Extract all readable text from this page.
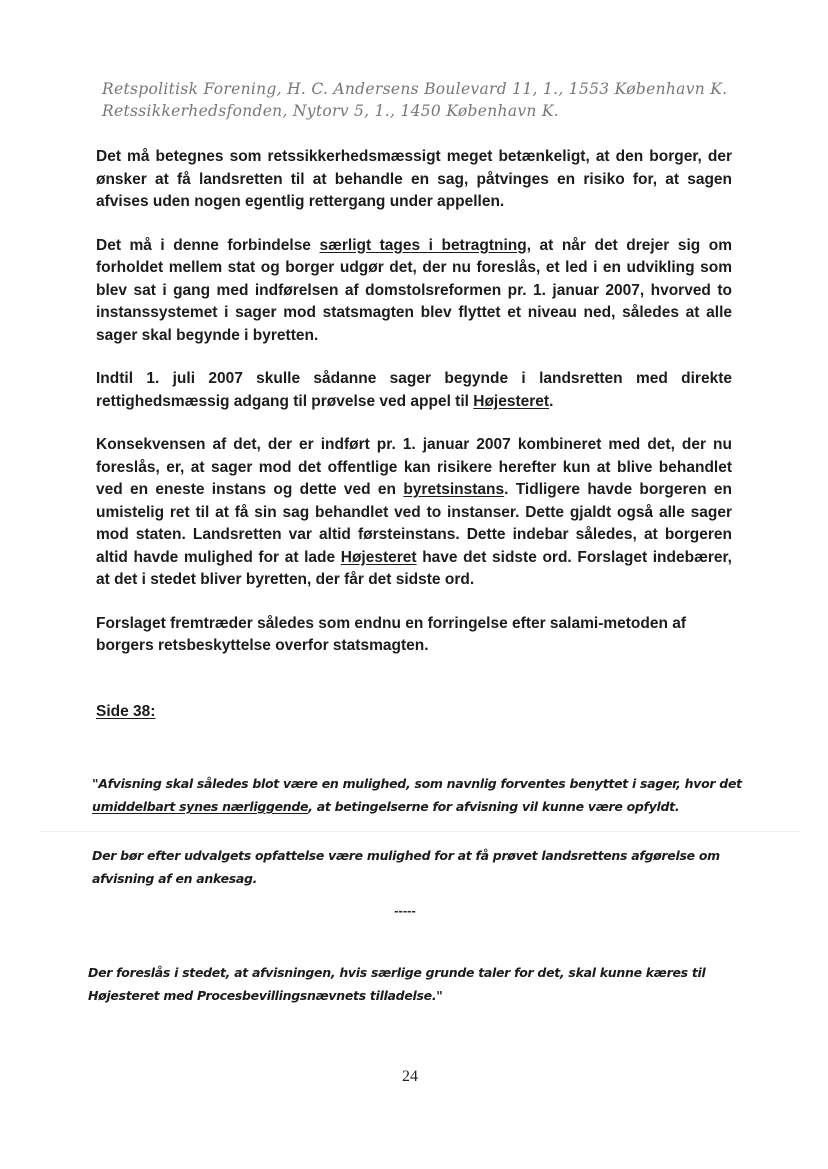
Retspolitisk Forening, H. C. Andersens Boulevard 11, 1., 1553 København K.
Retssikkerhedsfonden, Nytorv 5, 1., 1450 København K.

Det må betegnes som retssikkerhedsmæssigt meget betænkeligt, at den borger, der ønsker at få landsretten til at behandle en sag, påtvinges en risiko for, at sagen afvises uden nogen egentlig rettergang under appellen.

Det må i denne forbindelse særligt tages i betragtning, at når det drejer sig om forholdet mellem stat og borger udgør det, der nu foreslås, et led i en udvikling som blev sat i gang med indførelsen af domstolsreformen pr. 1. januar 2007, hvorved to instanssystemet i sager mod statsmagten blev flyttet et niveau ned, således at alle sager skal begynde i byretten.

Indtil 1. juli 2007 skulle sådanne sager begynde i landsretten med direkte rettighedsmæssig adgang til prøvelse ved appel til Højesteret.

Konsekvensen af det, der er indført pr. 1. januar 2007 kombineret med det, der nu foreslås, er, at sager mod det offentlige kan risikere herefter kun at blive behandlet ved en eneste instans og dette ved en byretsinstans. Tidligere havde borgeren en umistelig ret til at få sin sag behandlet ved to instanser. Dette gjaldt også alle sager mod staten. Landsretten var altid førsteinstans. Dette indebar således, at borgeren altid havde mulighed for at lade Højesteret have det sidste ord. Forslaget indebærer, at det i stedet bliver byretten, der får det sidste ord.

Forslaget fremtræder således som endnu en forringelse efter salami-metoden af borgers retsbeskyttelse overfor statsmagten.

Side 38:
"Afvisning skal således blot være en mulighed, som navnlig forventes benyttet i sager, hvor det umiddelbart synes nærliggende, at betingelserne for afvisning vil kunne være opfyldt.
Der bør efter udvalgets opfattelse være mulighed for at få prøvet landsrettens afgørelse om afvisning af en ankesag.
-----
Der foreslås i stedet, at afvisningen, hvis særlige grunde taler for det, skal kunne kæres til Højesteret med Procesbevillingsnævnets tilladelse."
24
